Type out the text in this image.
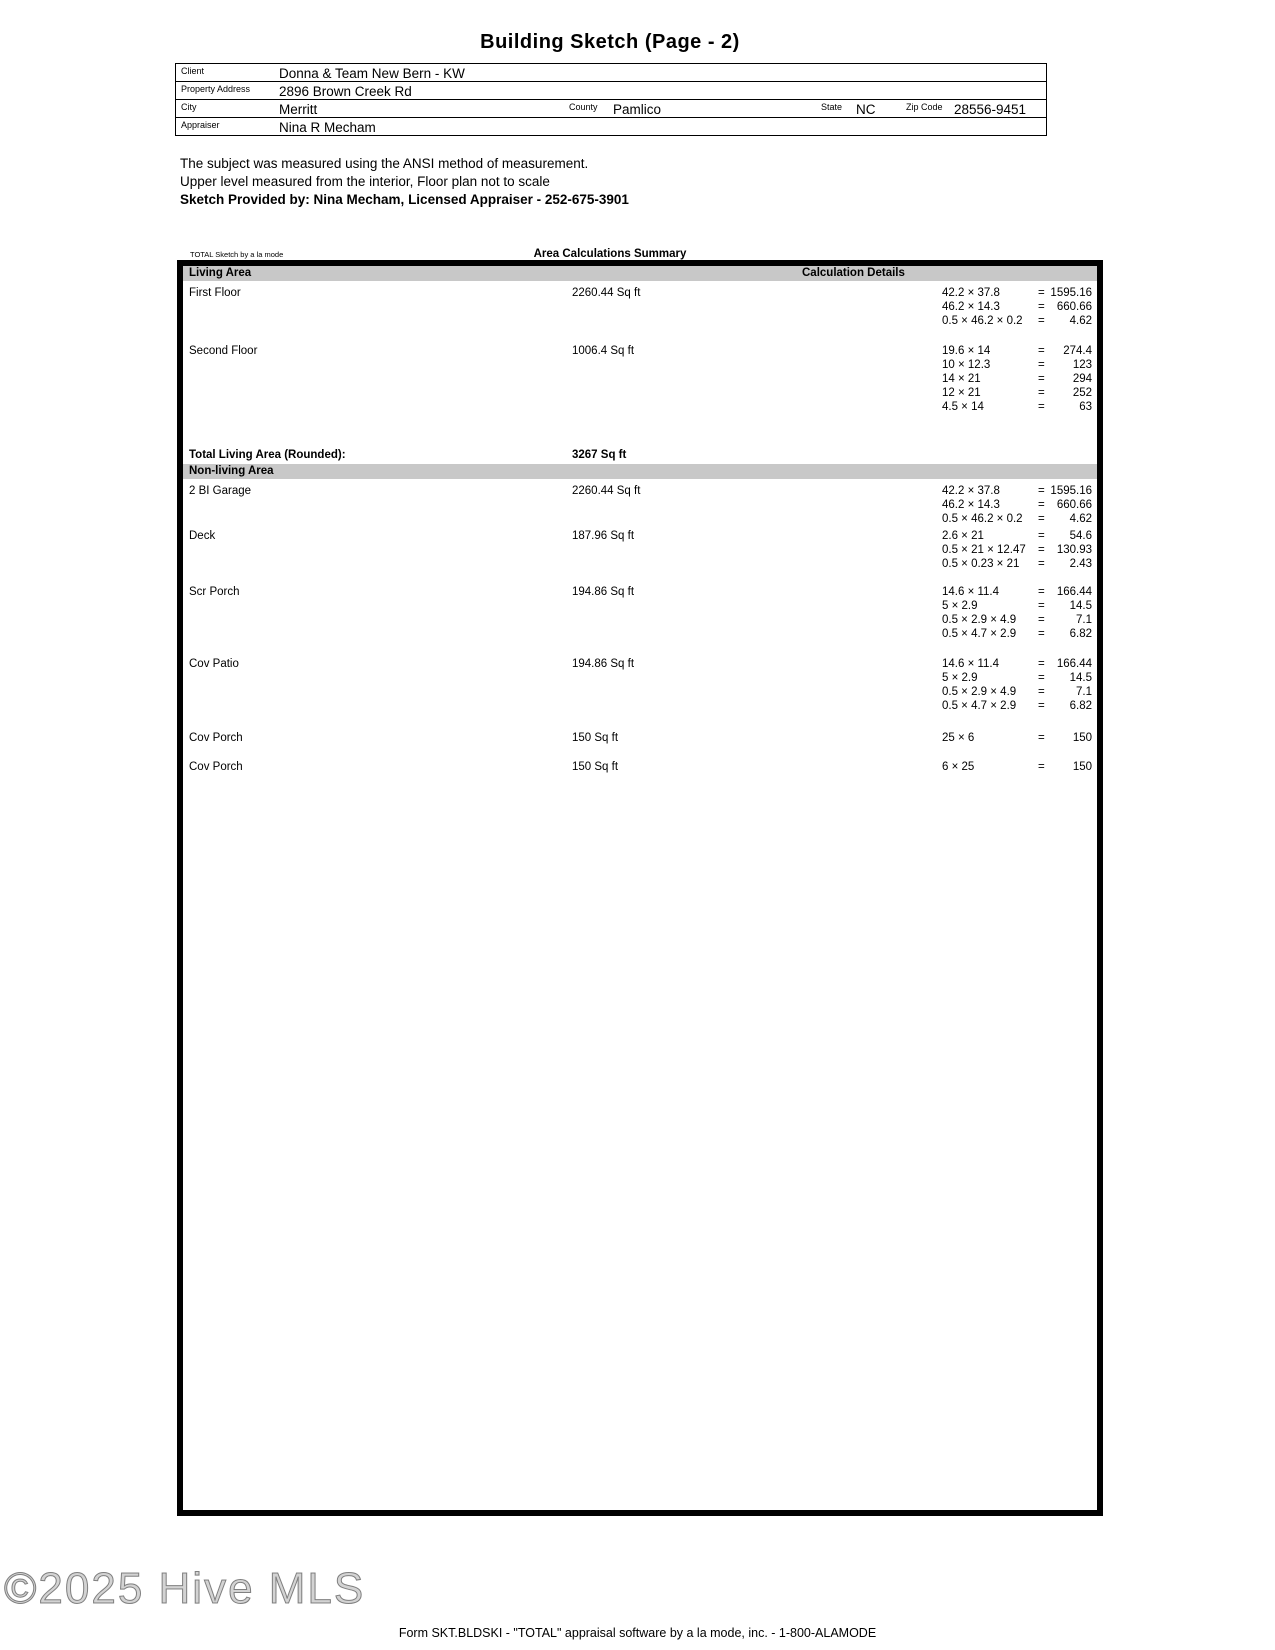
Building Sketch (Page - 2)
Client	Donna & Team New Bern - KW
Property Address 2896 Brown Creek Rd
City	Merritt	County Pamlico	State NC	Zip Code 28556-9451
Appraiser	Nina R Mecham
The subject was measured using the ANSI method of measurement.
Upper level measured from the interior, Floor plan not to scale
Sketch Provided by: Nina Mecham, Licensed Appraiser - 252-675-3901
TOTAL Sketch by a la mode	Area Calculations Summary
Living Area	Calculation Details
First Floor	2260.44 Sq ft	42.2 × 37.8	= 1595.16
46.2 × 14.3	=	660.66
0.5 × 46.2 × 0.2	=	4.62
Second Floor	1006.4 Sq ft	19.6 × 14	=	274.4
10 × 12.3	=	123
14 × 21	=	294
12 × 21	=	252
4.5 × 14	=	63
Total Living Area (Rounded):	3267 Sq ft
Non-living Area
2 BI Garage	2260.44 Sq ft	42.2 × 37.8	= 1595.16
46.2 × 14.3	=	660.66
0.5 × 46.2 × 0.2	=	4.62
Deck	187.96 Sq ft	2.6 × 21	=	54.6
0.5 × 21 × 12.47	=	130.93
0.5 × 0.23 × 21	=	2.43
Scr Porch	194.86 Sq ft	14.6 × 11.4	=	166.44
5 × 2.9	=	14.5
0.5 × 2.9 × 4.9	=	7.1
0.5 × 4.7 × 2.9	=	6.82
Cov Patio	194.86 Sq ft	14.6 × 11.4	=	166.44
5 × 2.9	=	14.5
0.5 × 2.9 × 4.9	=	7.1
0.5 × 4.7 × 2.9	=	6.82
Cov Porch	150 Sq ft	25 × 6	=	150
Cov Porch	150 Sq ft	6 × 25	=	150
©2025 Hive MLS
Form SKT.BLDSKI - "TOTAL" appraisal software by a la mode, inc. - 1-800-ALAMODE
